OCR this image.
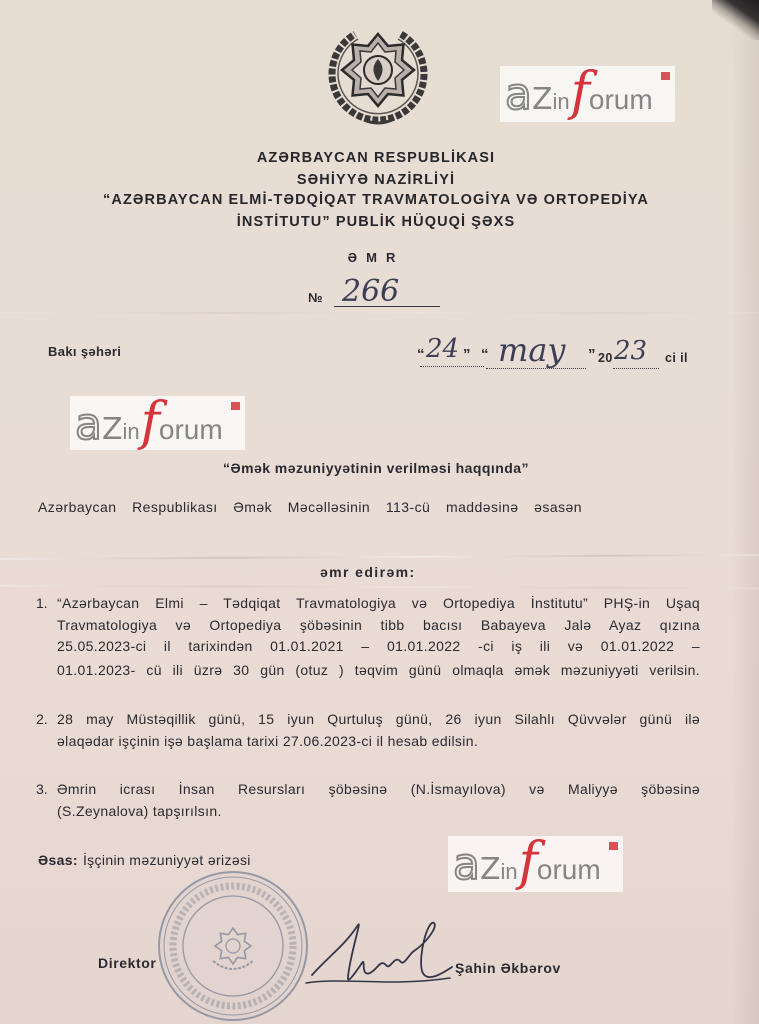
a Z in f orum
AZƏRBAYCAN RESPUBLİKASI
SƏHİYYƏ NAZİRLİYİ
“AZƏRBAYCAN ELMİ-TƏDQİQAT TRAVMATOLOGİYA VƏ ORTOPEDİYA
İNSTİTUTU” PUBLİK HÜQUQİ ŞƏXS
ƏMR
№ 266
Bakı şəhəri	“ 24 ” “ may ” 20 23 ci il
a Z in f orum
“Əmək məzuniyyətinin verilməsi haqqında”
Azərbaycan Respublikası Əmək Məcəlləsinin 113-cü maddəsinə əsasən
əmr edirəm:
1. “Azərbaycan Elmi – Tədqiqat Travmatologiya və Ortopediya İnstitutu” PHŞ-in Uşaq
Travmatologiya və Ortopediya şöbəsinin tibb bacısı Babayeva Jalə Ayaz qızına
25.05.2023-ci il tarixindən 01.01.2021 – 01.01.2022 -ci iş ili və 01.01.2022 –
01.01.2023- cü ili üzrə 30 gün (otuz ) təqvim günü olmaqla əmək məzuniyyəti verilsin.
2. 28 may Müstəqillik günü, 15 iyun Qurtuluş günü, 26 iyun Silahlı Qüvvələr günü ilə
əlaqədar işçinin işə başlama tarixi 27.06.2023-ci il hesab edilsin.
3. Əmrin icrası İnsan Resursları şöbəsinə (N.İsmayılova) və Maliyyə şöbəsinə
(S.Zeynalova) tapşırılsın.
a Z in f orum
Əsas: İşçinin məzuniyyət ərizəsi
Direktor	Şahin Əkbərov
